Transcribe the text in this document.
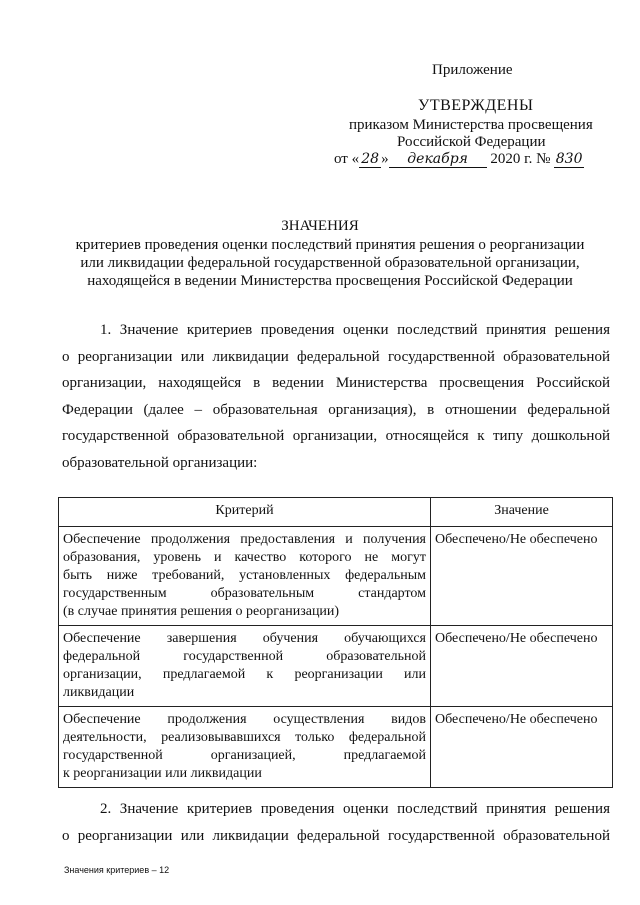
Приложение
УТВЕРЖДЕНЫ
приказом Министерства просвещения
Российской Федерации
от « 28 » декабря 2020 г. № 830
ЗНАЧЕНИЯ
критериев проведения оценки последствий принятия решения о реорганизации
или ликвидации федеральной государственной образовательной организации,
находящейся в ведении Министерства просвещения Российской Федерации
1. Значение критериев проведения оценки последствий принятия решения
о реорганизации или ликвидации федеральной государственной образовательной
организации, находящейся в ведении Министерства просвещения Российской
Федерации (далее – образовательная организация), в отношении федеральной
государственной образовательной организации, относящейся к типу дошкольной
образовательной организации:
Критерий	Значение

Обеспечение продолжения предоставления и получения
образования, уровень и качество которого не могут
быть ниже требований, установленных федеральным
государственным образовательным стандартом
(в случае принятия решения о реорганизации)	Обеспечено/Не обеспечено

Обеспечение завершения обучения обучающихся
федеральной государственной образовательной
организации, предлагаемой к реорганизации или
ликвидации	Обеспечено/Не обеспечено

Обеспечение продолжения осуществления видов
деятельности, реализовывавшихся только федеральной
государственной организацией, предлагаемой
к реорганизации или ликвидации	Обеспечено/Не обеспечено
2. Значение критериев проведения оценки последствий принятия решения
о реорганизации или ликвидации федеральной государственной образовательной
Значения критериев – 12
